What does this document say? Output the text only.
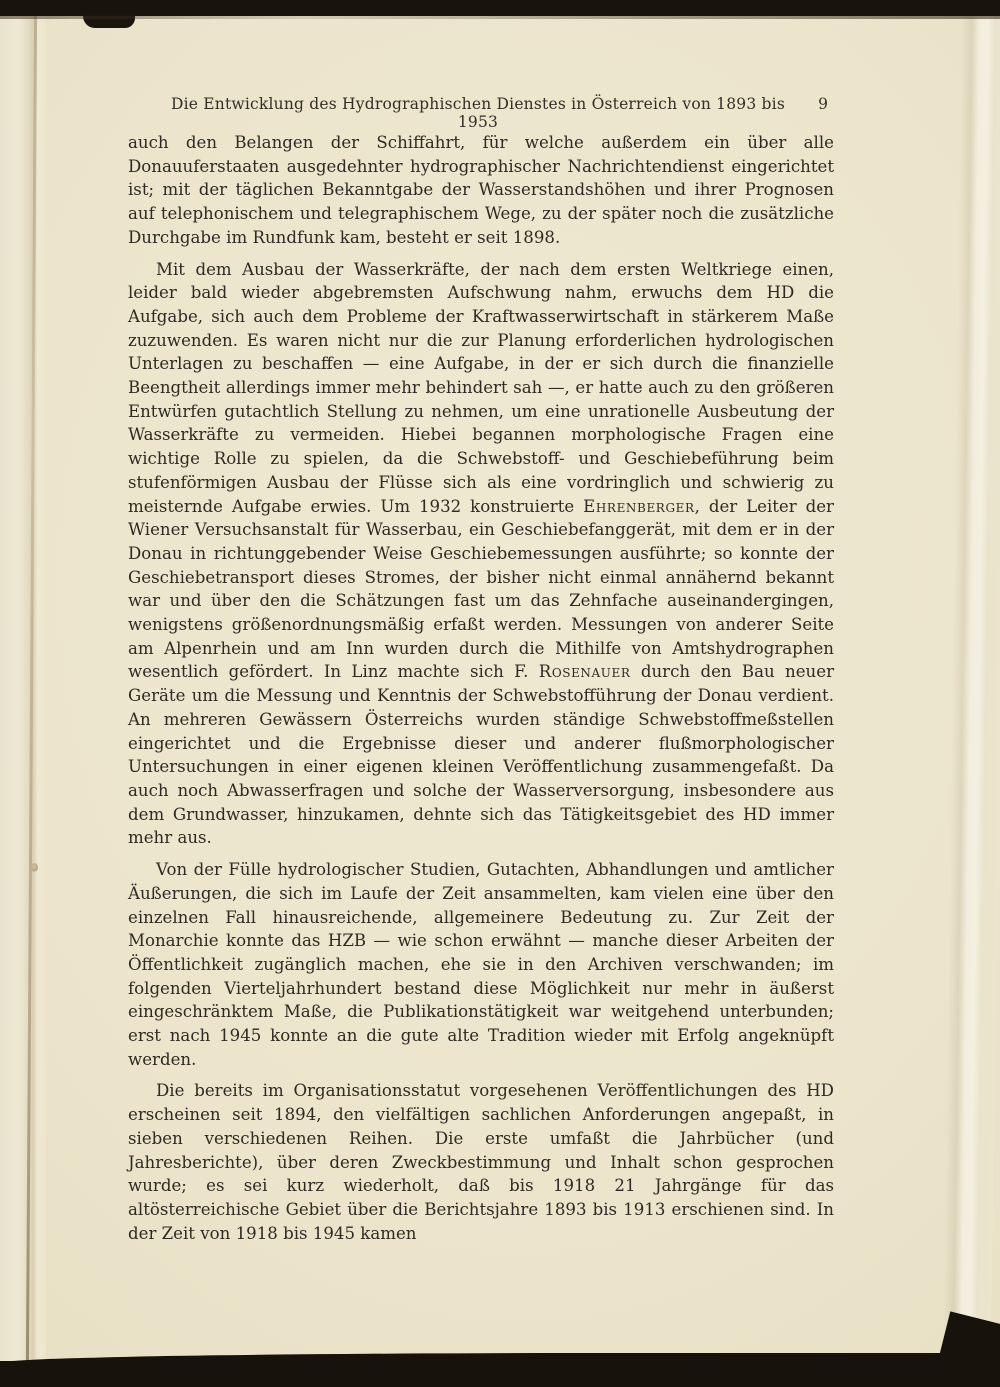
Die Entwicklung des Hydrographischen Dienstes in Österreich von 1893 bis 1953
9

auch den Belangen der Schiffahrt, für welche außerdem ein über alle Donauuferstaaten ausgedehnter hydrographischer Nachrichtendienst eingerichtet ist; mit der täglichen Bekanntgabe der Wasserstandshöhen und ihrer Prognosen auf telephonischem und telegraphischem Wege, zu der später noch die zusätzliche Durchgabe im Rundfunk kam, besteht er seit 1898.

Mit dem Ausbau der Wasserkräfte, der nach dem ersten Weltkriege einen, leider bald wieder abgebremsten Aufschwung nahm, erwuchs dem HD die Aufgabe, sich auch dem Probleme der Kraftwasserwirtschaft in stärkerem Maße zuzuwenden. Es waren nicht nur die zur Planung erforderlichen hydrologischen Unterlagen zu beschaffen — eine Aufgabe, in der er sich durch die finanzielle Beengtheit allerdings immer mehr behindert sah —, er hatte auch zu den größeren Entwürfen gutachtlich Stellung zu nehmen, um eine unrationelle Ausbeutung der Wasserkräfte zu vermeiden. Hiebei begannen morphologische Fragen eine wichtige Rolle zu spielen, da die Schwebstoff- und Geschiebeführung beim stufenförmigen Ausbau der Flüsse sich als eine vordringlich und schwierig zu meisternde Aufgabe erwies. Um 1932 konstruierte Ehrenberger, der Leiter der Wiener Versuchsanstalt für Wasserbau, ein Geschiebefanggerät, mit dem er in der Donau in richtunggebender Weise Geschiebemessungen ausführte; so konnte der Geschiebetransport dieses Stromes, der bisher nicht einmal annähernd bekannt war und über den die Schätzungen fast um das Zehnfache auseinandergingen, wenigstens größenordnungsmäßig erfaßt werden. Messungen von anderer Seite am Alpenrhein und am Inn wurden durch die Mithilfe von Amtshydrographen wesentlich gefördert. In Linz machte sich F. Rosenauer durch den Bau neuer Geräte um die Messung und Kenntnis der Schwebstofführung der Donau verdient. An mehreren Gewässern Österreichs wurden ständige Schwebstoffmeßstellen eingerichtet und die Ergebnisse dieser und anderer flußmorphologischer Untersuchungen in einer eigenen kleinen Veröffentlichung zusammengefaßt. Da auch noch Abwasserfragen und solche der Wasserversorgung, insbesondere aus dem Grundwasser, hinzukamen, dehnte sich das Tätigkeitsgebiet des HD immer mehr aus.

Von der Fülle hydrologischer Studien, Gutachten, Abhandlungen und amtlicher Äußerungen, die sich im Laufe der Zeit ansammelten, kam vielen eine über den einzelnen Fall hinausreichende, allgemeinere Bedeutung zu. Zur Zeit der Monarchie konnte das HZB — wie schon erwähnt — manche dieser Arbeiten der Öffentlichkeit zugänglich machen, ehe sie in den Archiven verschwanden; im folgenden Vierteljahrhundert bestand diese Möglichkeit nur mehr in äußerst eingeschränktem Maße, die Publikationstätigkeit war weitgehend unterbunden; erst nach 1945 konnte an die gute alte Tradition wieder mit Erfolg angeknüpft werden.

Die bereits im Organisationsstatut vorgesehenen Veröffentlichungen des HD erscheinen seit 1894, den vielfältigen sachlichen Anforderungen angepaßt, in sieben verschiedenen Reihen. Die erste umfaßt die Jahrbücher (und Jahresberichte), über deren Zweckbestimmung und Inhalt schon gesprochen wurde; es sei kurz wiederholt, daß bis 1918 21 Jahrgänge für das altösterreichische Gebiet über die Berichtsjahre 1893 bis 1913 erschienen sind. In der Zeit von 1918 bis 1945 kamen
